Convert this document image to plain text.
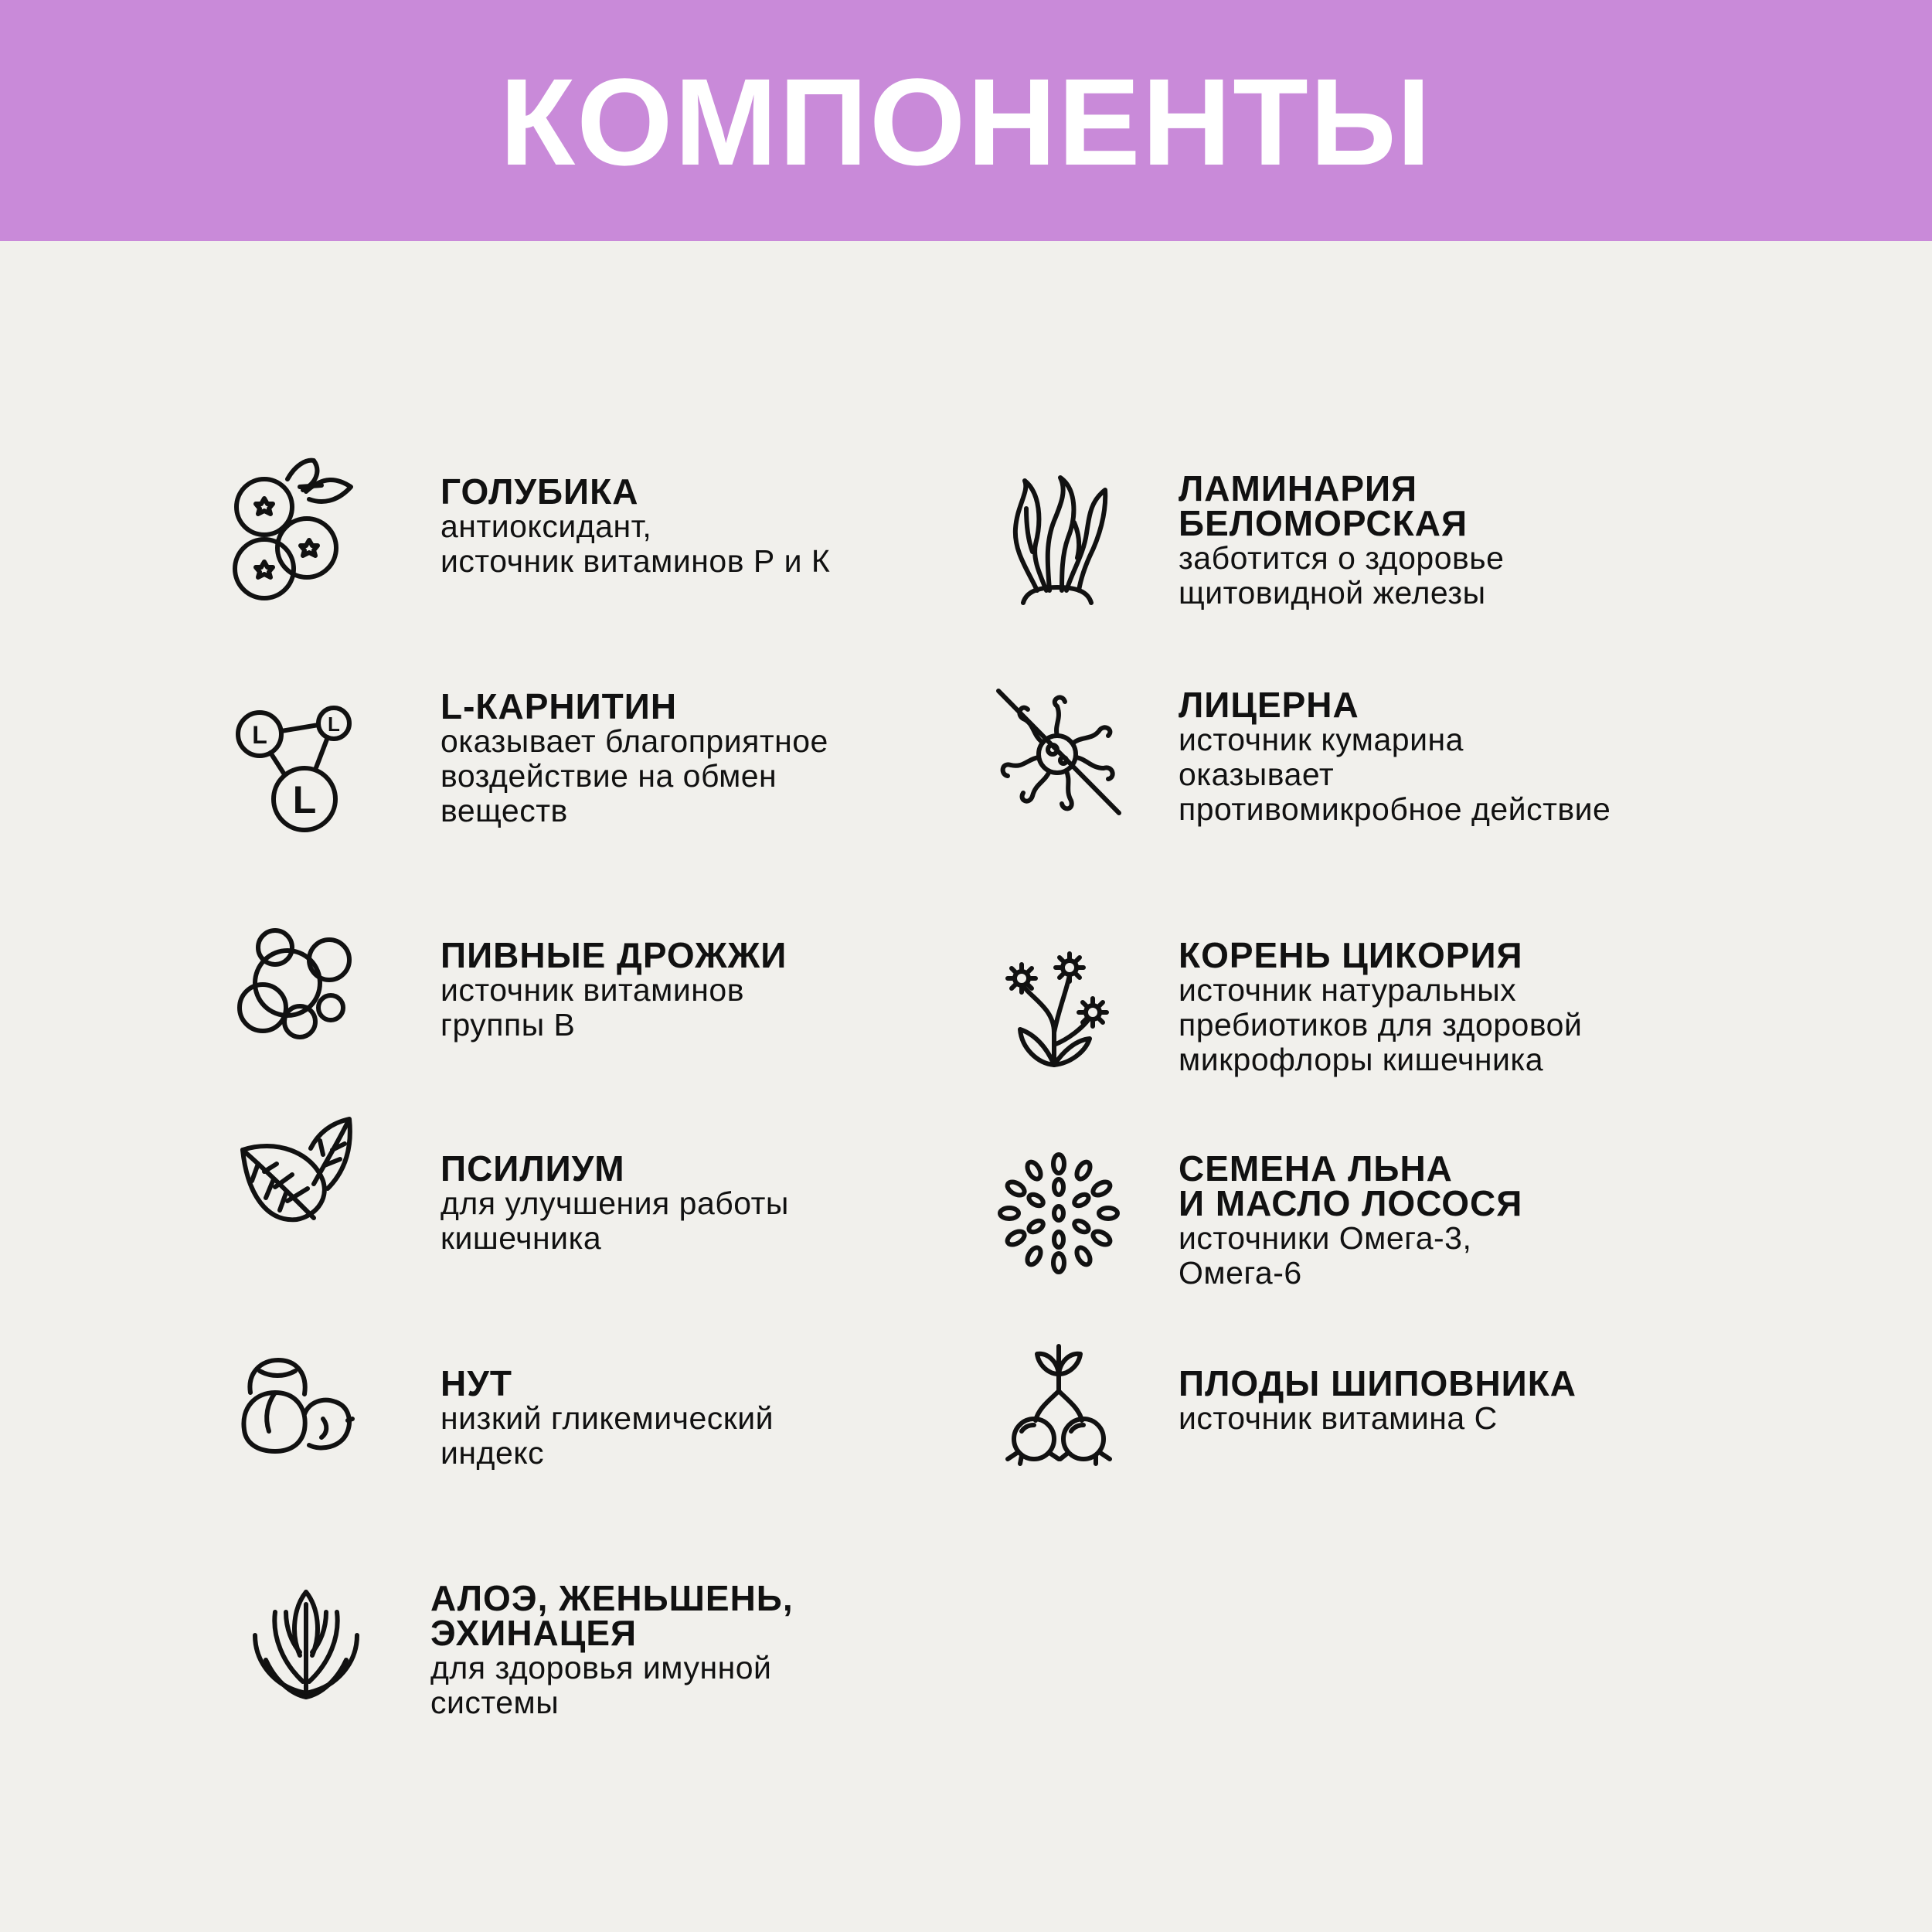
КОМПОНЕНТЫ

ГОЛУБИКА

антиоксидант,
источник витаминов Р и К

L	L
L

L-КАРНИТИН

оказывает благоприятное
воздействие на обмен
веществ

ПИВНЫЕ ДРОЖЖИ

источник витаминов
группы В

ПСИЛИУМ

для улучшения работы
кишечника

НУТ

низкий гликемический
индекс

АЛОЭ, ЖЕНЬШЕНЬ,
ЭХИНАЦЕЯ

для здоровья имунной
системы

ЛАМИНАРИЯ
БЕЛОМОРСКАЯ

заботится о здоровье
щитовидной железы

ЛИЦЕРНА

источник кумарина
оказывает
противомикробное действие

КОРЕНЬ ЦИКОРИЯ

источник натуральных
пребиотиков для здоровой
микрофлоры кишечника

СЕМЕНА ЛЬНА
И МАСЛО ЛОСОСЯ

источники Омега-3,
Омега-6

ПЛОДЫ ШИПОВНИКА

источник витамина С
